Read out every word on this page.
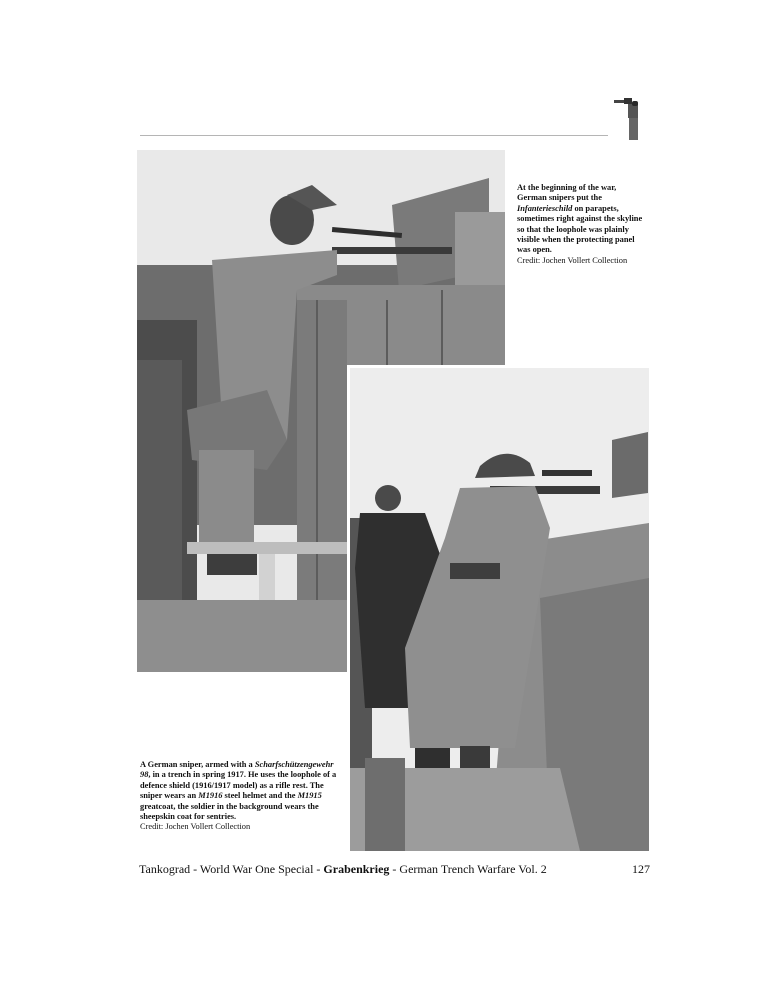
At the beginning of the war, German snipers put the Infanterieschild on parapets, sometimes right against the skyline so that the loophole was plainly visible when the protecting panel was open.
Credit: Jochen Vollert Collection
A German sniper, armed with a Scharfschützengewehr 98, in a trench in spring 1917. He uses the loophole of a defence shield (1916/1917 model) as a rifle rest. The sniper wears an M1916 steel helmet and the M1915 greatcoat, the soldier in the background wears the sheepskin coat for sentries.
Credit: Jochen Vollert Collection
Tankograd - World War One Special - Grabenkrieg - German Trench Warfare Vol. 2	127
